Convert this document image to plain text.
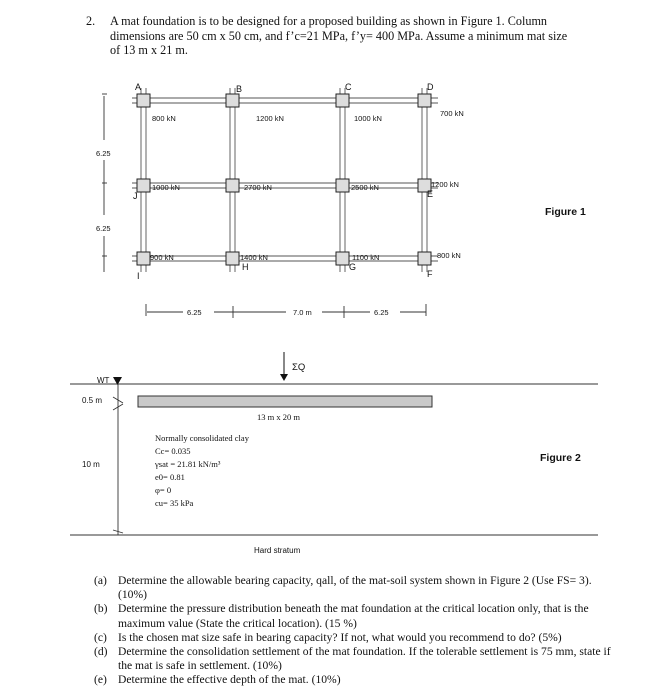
2. A mat foundation is to be designed for a proposed building as shown in Figure 1. Column
dimensions are 50 cm x 50 cm, and f’c=21 MPa, f’y= 400 MPa. Assume a minimum mat size
of 13 m x 21 m.
A	B	C	D
E
F
G
H
I
J
800 kN	1200 kN	1000 kN
700 kN
1000 kN	2700 kN	2500 kN	1200 kN
900 kN	1400 kN	1100 kN	800 kN
6.25
6.25
6.25	7.0 m	6.25
Figure 1
ΣQ
WT
0.5 m
10 m
13 m x 20 m
Normally consolidated clay
Cc= 0.035
γsat = 21.81 kN/m³
e0= 0.81
φ= 0
cu= 35 kPa
Hard stratum
Figure 2
(a) Determine the allowable bearing capacity, qall, of the mat-soil system shown in Figure 2 (Use FS= 3). (10%)
(b) Determine the pressure distribution beneath the mat foundation at the critical location only, that is the maximum value (State the critical location). (15 %)
(c) Is the chosen mat size safe in bearing capacity? If not, what would you recommend to do? (5%)
(d) Determine the consolidation settlement of the mat foundation. If the tolerable settlement is 75 mm, state if the mat is safe in settlement. (10%)
(e) Determine the effective depth of the mat. (10%)
